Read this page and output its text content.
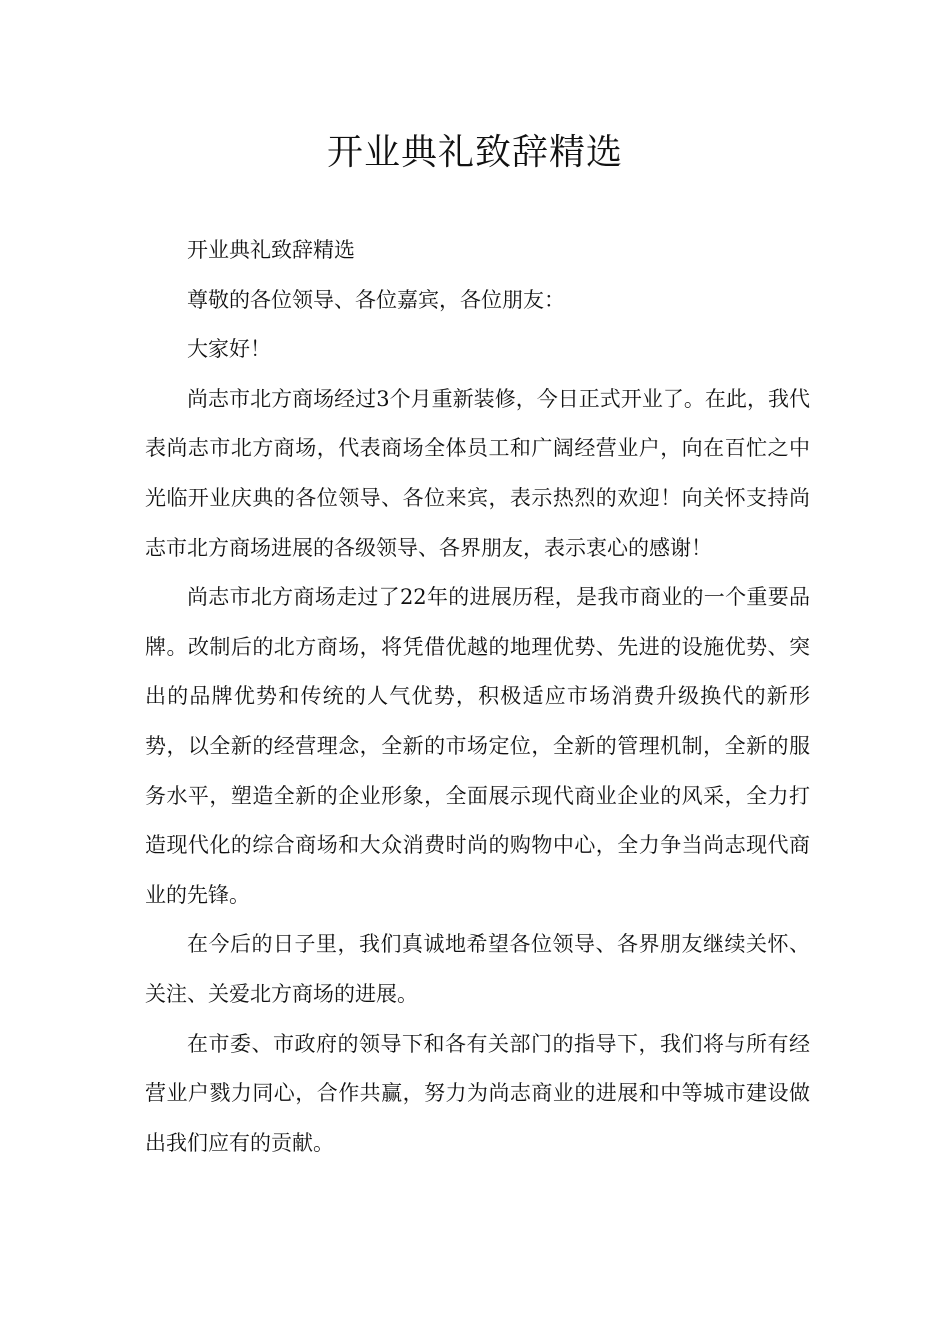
开业典礼致辞精选

开业典礼致辞精选

尊敬的各位领导、各位嘉宾，各位朋友：

大家好！

尚志市北方商场经过3个月重新装修，今日正式开业了。在此，我代表尚志市北方商场，代表商场全体员工和广阔经营业户，向在百忙之中光临开业庆典的各位领导、各位来宾，表示热烈的欢迎！向关怀支持尚志市北方商场进展的各级领导、各界朋友，表示衷心的感谢！

尚志市北方商场走过了22年的进展历程，是我市商业的一个重要品牌。改制后的北方商场，将凭借优越的地理优势、先进的设施优势、突出的品牌优势和传统的人气优势，积极适应市场消费升级换代的新形势，以全新的经营理念，全新的市场定位，全新的管理机制，全新的服务水平，塑造全新的企业形象，全面展示现代商业企业的风采，全力打造现代化的综合商场和大众消费时尚的购物中心，全力争当尚志现代商业的先锋。

在今后的日子里，我们真诚地希望各位领导、各界朋友继续关怀、关注、关爱北方商场的进展。

在市委、市政府的领导下和各有关部门的指导下，我们将与所有经营业户戮力同心，合作共赢，努力为尚志商业的进展和中等城市建设做出我们应有的贡献。
